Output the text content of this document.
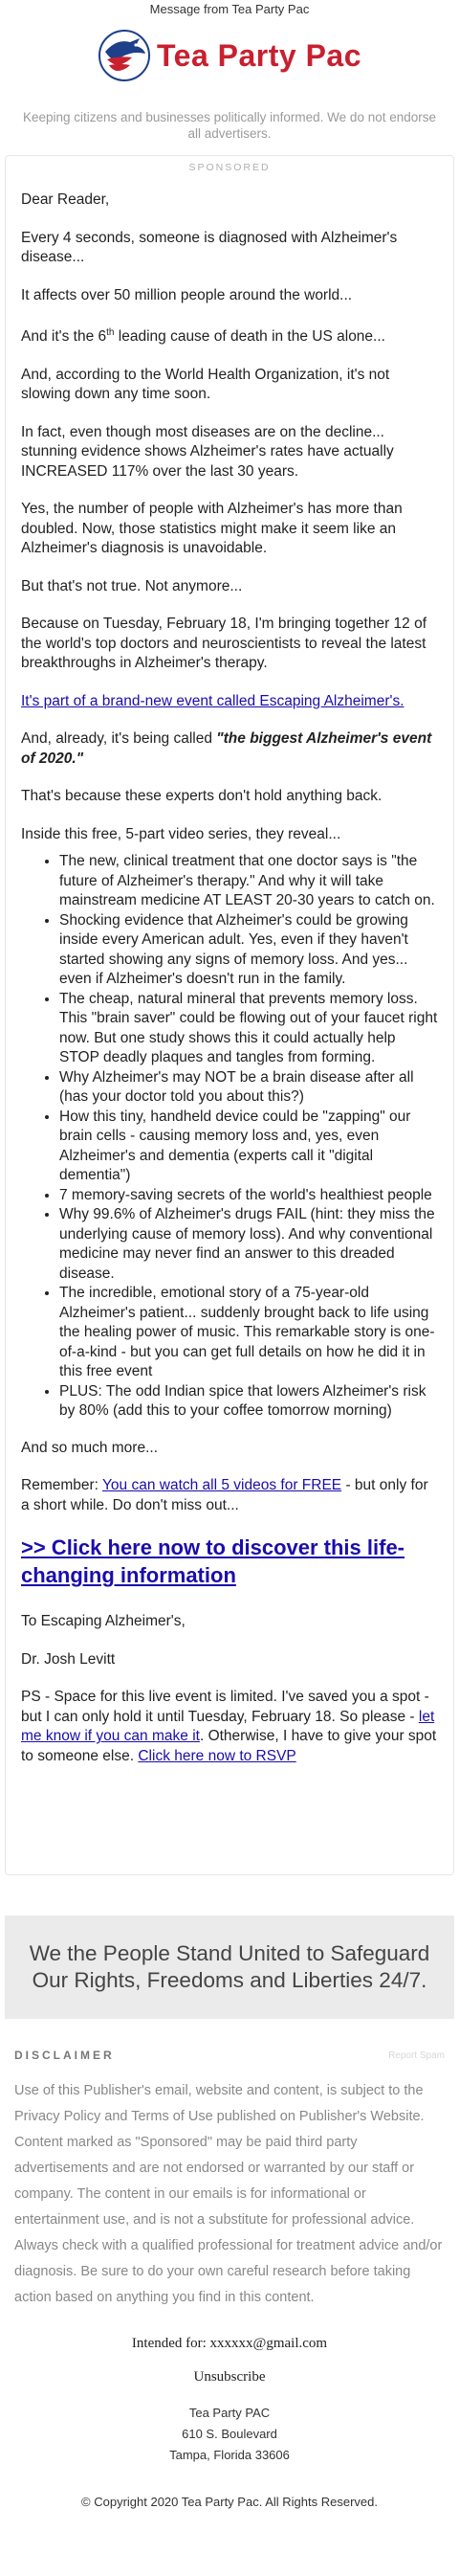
Message from Tea Party Pac
Tea Party Pac
Keeping citizens and businesses politically informed. We do not endorse all advertisers.
SPONSORED

Dear Reader,

Every 4 seconds, someone is diagnosed with Alzheimer's disease...

It affects over 50 million people around the world...

And it's the 6th leading cause of death in the US alone...

And, according to the World Health Organization, it's not slowing down any time soon.

In fact, even though most diseases are on the decline... stunning evidence shows Alzheimer's rates have actually INCREASED 117% over the last 30 years.

Yes, the number of people with Alzheimer's has more than doubled. Now, those statistics might make it seem like an Alzheimer's diagnosis is unavoidable.

But that's not true. Not anymore...

Because on Tuesday, February 18, I'm bringing together 12 of the world's top doctors and neuroscientists to reveal the latest breakthroughs in Alzheimer's therapy.

It's part of a brand-new event called Escaping Alzheimer's.

And, already, it's being called "the biggest Alzheimer's event of 2020."

That's because these experts don't hold anything back.

Inside this free, 5-part video series, they reveal...

• The new, clinical treatment that one doctor says is "the future of Alzheimer's therapy." And why it will take mainstream medicine AT LEAST 20-30 years to catch on.
• Shocking evidence that Alzheimer's could be growing inside every American adult. Yes, even if they haven't started showing any signs of memory loss. And yes... even if Alzheimer's doesn't run in the family.
• The cheap, natural mineral that prevents memory loss. This "brain saver" could be flowing out of your faucet right now. But one study shows this it could actually help STOP deadly plaques and tangles from forming.
• Why Alzheimer's may NOT be a brain disease after all (has your doctor told you about this?)
• How this tiny, handheld device could be "zapping" our brain cells - causing memory loss and, yes, even Alzheimer's and dementia (experts call it "digital dementia")
• 7 memory-saving secrets of the world's healthiest people
• Why 99.6% of Alzheimer's drugs FAIL (hint: they miss the underlying cause of memory loss). And why conventional medicine may never find an answer to this dreaded disease.
• The incredible, emotional story of a 75-year-old Alzheimer's patient... suddenly brought back to life using the healing power of music. This remarkable story is one-of-a-kind - but you can get full details on how he did it in this free event
• PLUS: The odd Indian spice that lowers Alzheimer's risk by 80% (add this to your coffee tomorrow morning)

And so much more...

Remember: You can watch all 5 videos for FREE - but only for a short while. Do don't miss out...

>> Click here now to discover this life-changing information

To Escaping Alzheimer's,

Dr. Josh Levitt

PS - Space for this live event is limited. I've saved you a spot - but I can only hold it until Tuesday, February 18. So please - let me know if you can make it. Otherwise, I have to give your spot to someone else. Click here now to RSVP

We the People Stand United to Safeguard Our Rights, Freedoms and Liberties 24/7.
DISCLAIMER	Report Spam
Use of this Publisher's email, website and content, is subject to the Privacy Policy and Terms of Use published on Publisher's Website. Content marked as "Sponsored" may be paid third party advertisements and are not endorsed or warranted by our staff or company. The content in our emails is for informational or entertainment use, and is not a substitute for professional advice. Always check with a qualified professional for treatment advice and/or diagnosis. Be sure to do your own careful research before taking action based on anything you find in this content.
Intended for: xxxxxx@gmail.com
Unsubscribe
Tea Party PAC
610 S. Boulevard
Tampa, Florida 33606
© Copyright 2020 Tea Party Pac. All Rights Reserved.
